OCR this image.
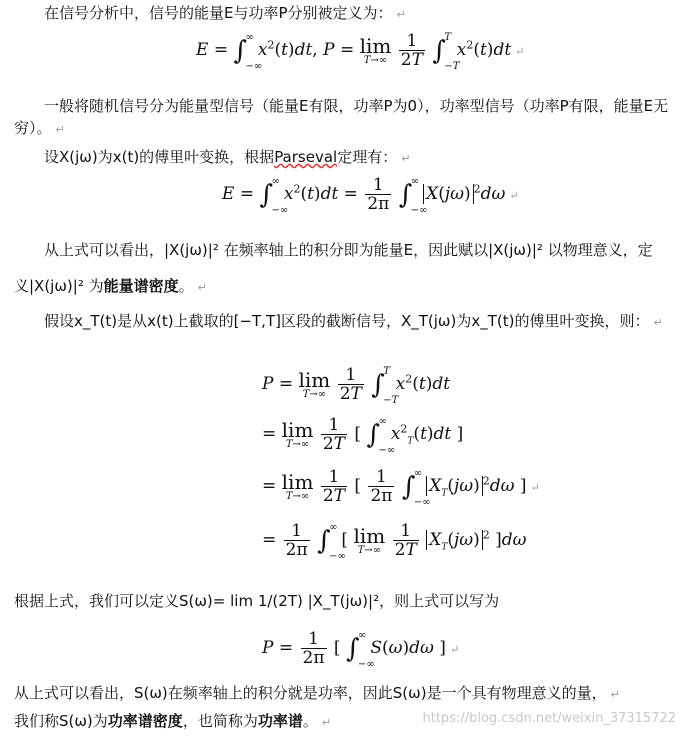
在信号分析中，信号的能量E与功率P分别被定义为： ↵
E = ∫
∞
−∞
$x^2(t)dt$, P = lim
T→∞
$\frac{1}{2T}$ ∫
T
−T
$x^2(t)dt$ ↵
一般将随机信号分为能量型信号（能量E有限，功率P为0），功率型信号（功率P有限，能量E无穷）。 ↵
设X(jω)为x(t)的傅里叶变换，根据Parseval定理有： ↵
E = ∫
∞
−∞
$x^2(t)dt = \frac{1}{2\pi}$ ∫
∞
−∞
X(jω) $^2$dω ↵
从上式可以看出，|X(jω)|² 在频率轴上的积分即为能量E，因此赋以|X(jω)|² 以物理意义，定义|X(jω)|² 为能量谱密度。 ↵
假设x_T(t)是从x(t)上截取的[−T,T]区段的截断信号，X_T(jω)为x_T(t)的傅里叶变换，则： ↵
P = lim
T→∞
$\frac{1}{2T}$ ∫
T
−T
$x^2(t)dt$
= lim
T→∞
$\frac{1}{2T}$ [ ∫
∞
−∞
$x^2_T(t)dt$ ]
= lim
T→∞
$\frac{1}{2T}$ [ $\frac{1}{2\pi}$ ∫
∞
−∞
$X_T(j\omega)$ $^2$dω ] ↵
= $\frac{1}{2\pi}$ ∫
∞
−∞
[ lim
T→∞
$\frac{1}{2T} X_T(j\omega)$ $^2$ ]dω
根据上式，我们可以定义S(ω)= lim 1/(2T) |X_T(jω)|²，则上式可以写为
$P = \frac{1}{2\pi}$ [ ∫
∞
−∞
S(ω)dω ] ↵
从上式可以看出，S(ω)在频率轴上的积分就是功率，因此S(ω)是一个具有物理意义的量， ↵
我们称S(ω)为功率谱密度，也简称为功率谱。 ↵	https://blog.csdn.net/weixin_37315722
